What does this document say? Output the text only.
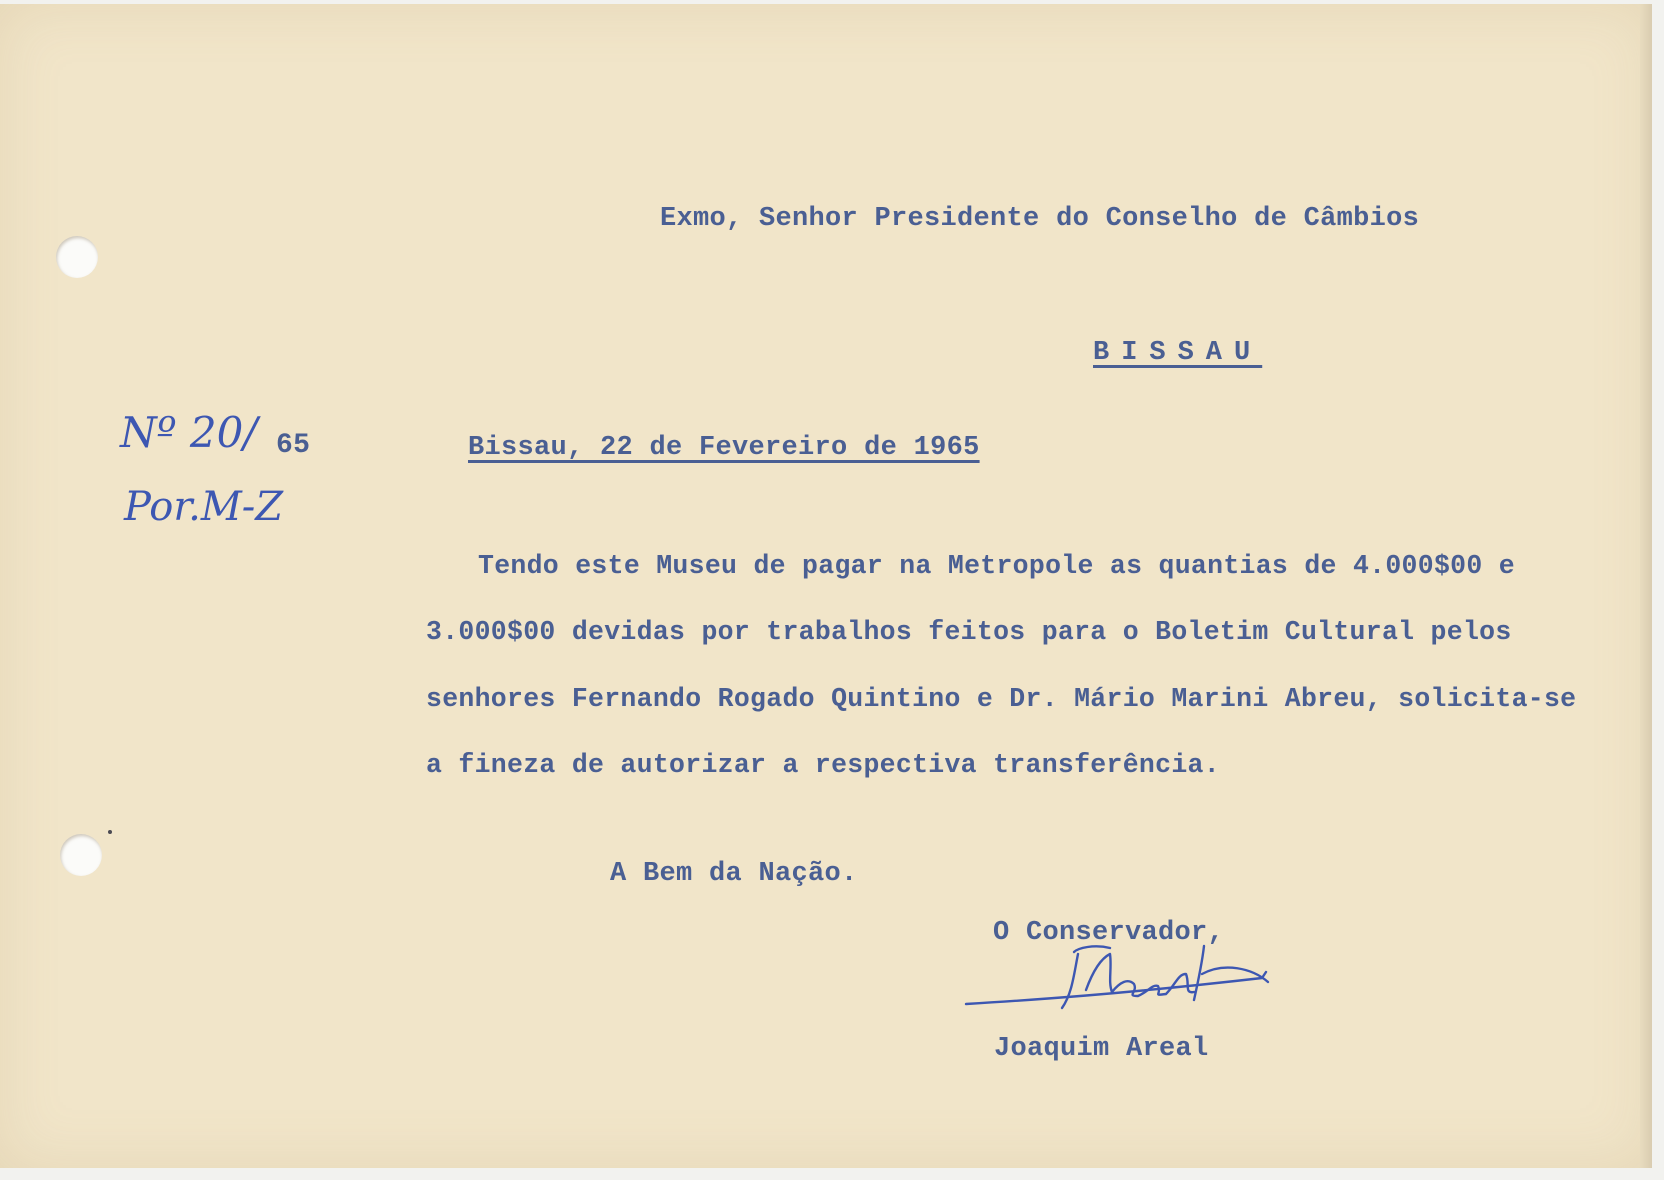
Exmo, Senhor Presidente do Conselho de Câmbios
BISSAU
Nº 20/ 65
Por.M-Z
Bissau, 22 de Fevereiro de 1965
Tendo este Museu de pagar na Metropole as quantias de 4.000$00 e
3.000$00 devidas por trabalhos feitos para o Boletim Cultural pelos
senhores Fernando Rogado Quintino e Dr. Mário Marini Abreu, solicita-se
a fineza de autorizar a respectiva transferência.
A Bem da Nação.
O Conservador,
Joaquim Areal
